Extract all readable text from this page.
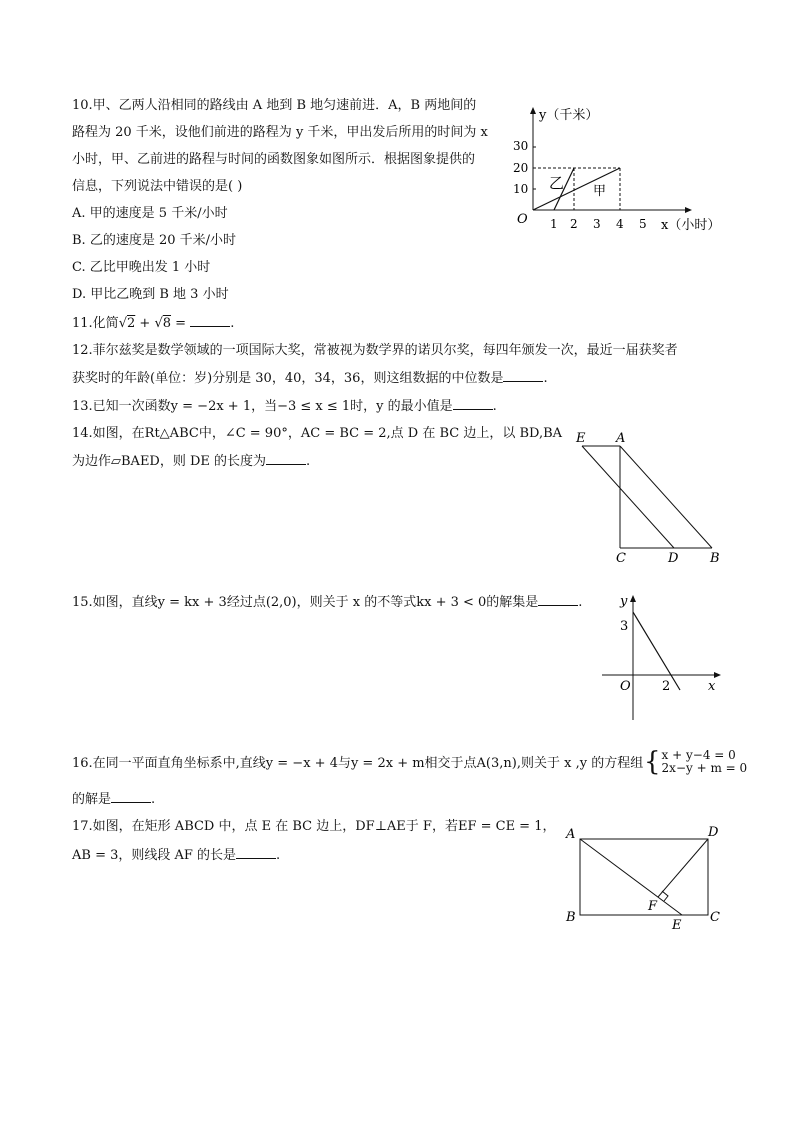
10.甲、乙两人沿相同的路线由 A 地到 B 地匀速前进．A，B 两地间的
路程为 20 千米，设他们前进的路程为 y 千米，甲出发后所用的时间为 x
小时，甲、乙前进的路程与时间的函数图象如图所示．根据图象提供的
信息，下列说法中错误的是( )
A. 甲的速度是 5 千米/小时
B. 乙的速度是 20 千米/小时
C. 乙比甲晚出发 1 小时
D. 甲比乙晚到 B 地 3 小时
y（千米）
x（小时）
O
10
20
30
1 2 3 4 5
乙 甲
11.化简√2 + √8 =	.
12.菲尔兹奖是数学领域的一项国际大奖，常被视为数学界的诺贝尔奖，每四年颁发一次，最近一届获奖者
获奖时的年龄(单位：岁)分别是 30，40，34，36，则这组数据的中位数是	.
13.已知一次函数y = −2x + 1，当−3 ≤ x ≤ 1时，y 的最小值是	.
14.如图，在Rt△ABC中，∠C = 90°，AC = BC = 2,点 D 在 BC 边上，以 BD,BA
为边作▱BAED，则 DE 的长度为	.
E A
C	D B
15.如图，直线y = kx + 3经过点(2,0)，则关于 x 的不等式kx + 3 < 0的解集是	.	y
x
O
3
2
16.在同一平面直角坐标系中,直线y = −x + 4与y = 2x + m相交于点A(3,n),则关于 x ,y 的方程组 { x + y−4 = 0
2x−y + m = 0
的解是	.
17.如图，在矩形 ABCD 中，点 E 在 BC 边上，DF⊥AE于 F，若EF = CE = 1，
AB = 3，则线段 AF 的长是	.
A	D
B	C
E
F
